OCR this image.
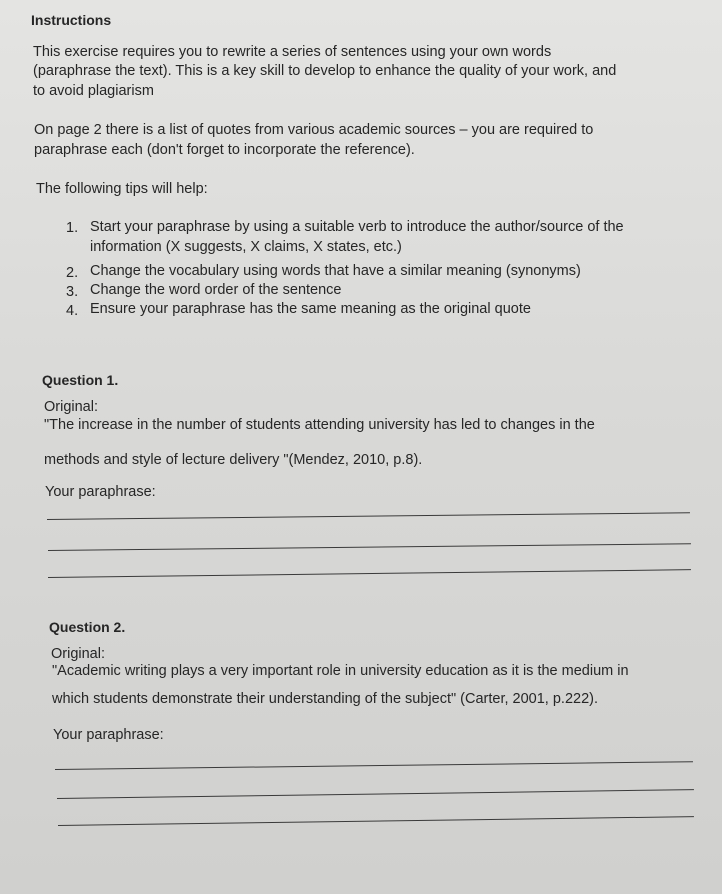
Instructions
This exercise requires you to rewrite a series of sentences using your own words
(paraphrase the text). This is a key skill to develop to enhance the quality of your work, and
to avoid plagiarism
On page 2 there is a list of quotes from various academic sources – you are required to
paraphrase each (don't forget to incorporate the reference).
The following tips will help:
1. Start your paraphrase by using a suitable verb to introduce the author/source of the
information (X suggests, X claims, X states, etc.)
2. Change the vocabulary using words that have a similar meaning (synonyms)
3. Change the word order of the sentence
4. Ensure your paraphrase has the same meaning as the original quote
Question 1.
Original:
"The increase in the number of students attending university has led to changes in the
methods and style of lecture delivery "(Mendez, 2010, p.8).
Your paraphrase:
Question 2.
Original:
"Academic writing plays a very important role in university education as it is the medium in
which students demonstrate their understanding of the subject" (Carter, 2001, p.222).
Your paraphrase:
